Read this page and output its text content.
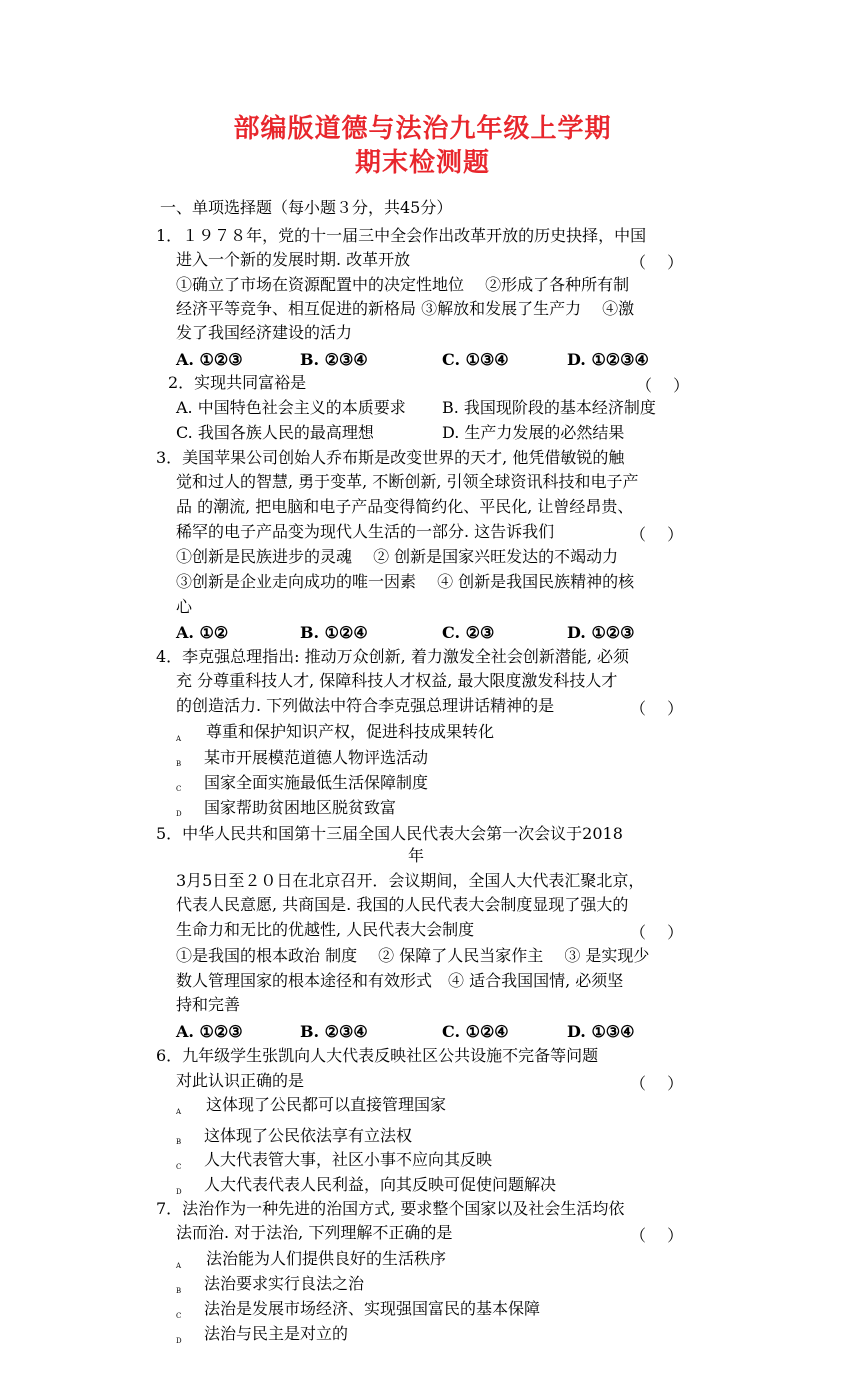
部编版道德与法治九年级上学期
期末检测题
一、单项选择题（每小题３分，共45分）
1．１９７８年，党的十一届三中全会作出改革开放的历史抉择，中国
进入一个新的发展时期. 改革开放	（　 ）
①确立了市场在资源配置中的决定性地位　 ②形成了各种所有制
经济平等竞争、相互促进的新格局 ③解放和发展了生产力　 ④激
发了我国经济建设的活力
A. ①②③	B. ②③④	C. ①③④	D. ①②③④
2．实现共同富裕是	（　 ）
A. 中国特色社会主义的本质要求 B. 我国现阶段的基本经济制度
C. 我国各族人民的最高理想	D. 生产力发展的必然结果
3．美国苹果公司创始人乔布斯是改变世界的天才, 他凭借敏锐的触
觉和过人的智慧, 勇于变革, 不断创新, 引领全球资讯科技和电子产
品 的潮流, 把电脑和电子产品变得简约化、平民化, 让曾经昂贵、
稀罕的电子产品变为现代人生活的一部分. 这告诉我们	（　 ）
①创新是民族进步的灵魂　 ② 创新是国家兴旺发达的不竭动力
③创新是企业走向成功的唯一因素　 ④ 创新是我国民族精神的核
心
A. ①②	B. ①②④	C. ②③	D. ①②③
4．李克强总理指出: 推动万众创新, 着力激发全社会创新潜能, 必须
充 分尊重科技人才, 保障科技人才权益, 最大限度激发科技人才
的创造活力. 下列做法中符合李克强总理讲话精神的是	（　 ）
A 尊重和保护知识产权，促进科技成果转化
B 某市开展模范道德人物评选活动
C 国家全面实施最低生活保障制度
D 国家帮助贫困地区脱贫致富
5．中华人民共和国第十三届全国人民代表大会第一次会议于2018
年
3月5日至２０日在北京召开．会议期间，全国人大代表汇聚北京，
代表人民意愿, 共商国是. 我国的人民代表大会制度显现了强大的
生命力和无比的优越性, 人民代表大会制度	（　 ）
①是我国的根本政治 制度　 ② 保障了人民当家作主　 ③ 是实现少
数人管理国家的根本途径和有效形式　④ 适合我国国情, 必须坚
持和完善
A. ①②③	B. ②③④	C. ①②④	D. ①③④
6．九年级学生张凯向人大代表反映社区公共设施不完备等问题
对此认识正确的是	（　 ）
A 这体现了公民都可以直接管理国家
B 这体现了公民依法享有立法权
C 人大代表管大事，社区小事不应向其反映
D 人大代表代表人民利益，向其反映可促使问题解决
7．法治作为一种先进的治国方式, 要求整个国家以及社会生活均依
法而治. 对于法治, 下列理解不正确的是	（　 ）
A 法治能为人们提供良好的生活秩序
B 法治要求实行良法之治
C 法治是发展市场经济、实现强国富民的基本保障
D 法治与民主是对立的
